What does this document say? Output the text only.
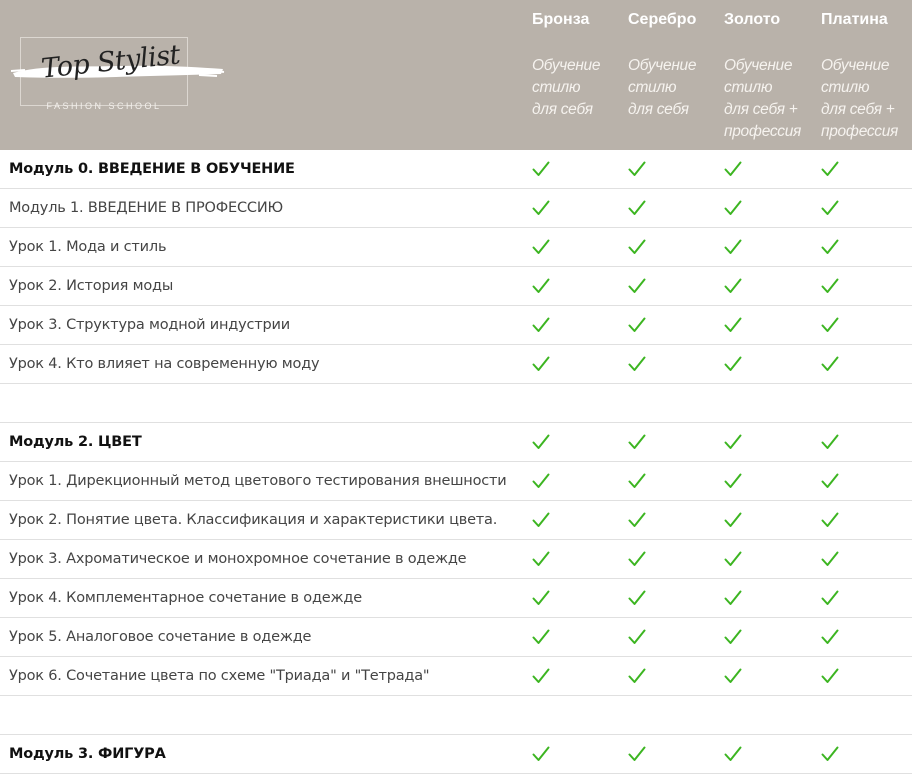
Top Stylist
FASHION SCHOOL
Бронза
Обучение
стилю
для себя
Серебро
Обучение
стилю
для себя
Золото
Обучение
стилю
для себя +
профессия
Платина
Обучение
стилю
для себя +
профессия
Модуль 0. ВВЕДЕНИЕ В ОБУЧЕНИЕ
Модуль 1. ВВЕДЕНИЕ В ПРОФЕССИЮ
Урок 1. Мода и стиль
Урок 2. История моды
Урок 3. Структура модной индустрии
Урок 4. Кто влияет на современную моду
Модуль 2. ЦВЕТ
Урок 1. Дирекционный метод цветового тестирования внешности
Урок 2. Понятие цвета. Классификация и характеристики цвета.
Урок 3. Ахроматическое и монохромное сочетание в одежде
Урок 4. Комплементарное сочетание в одежде
Урок 5. Аналоговое сочетание в одежде
Урок 6. Сочетание цвета по схеме "Триада" и "Тетрада"
Модуль 3. ФИГУРА
